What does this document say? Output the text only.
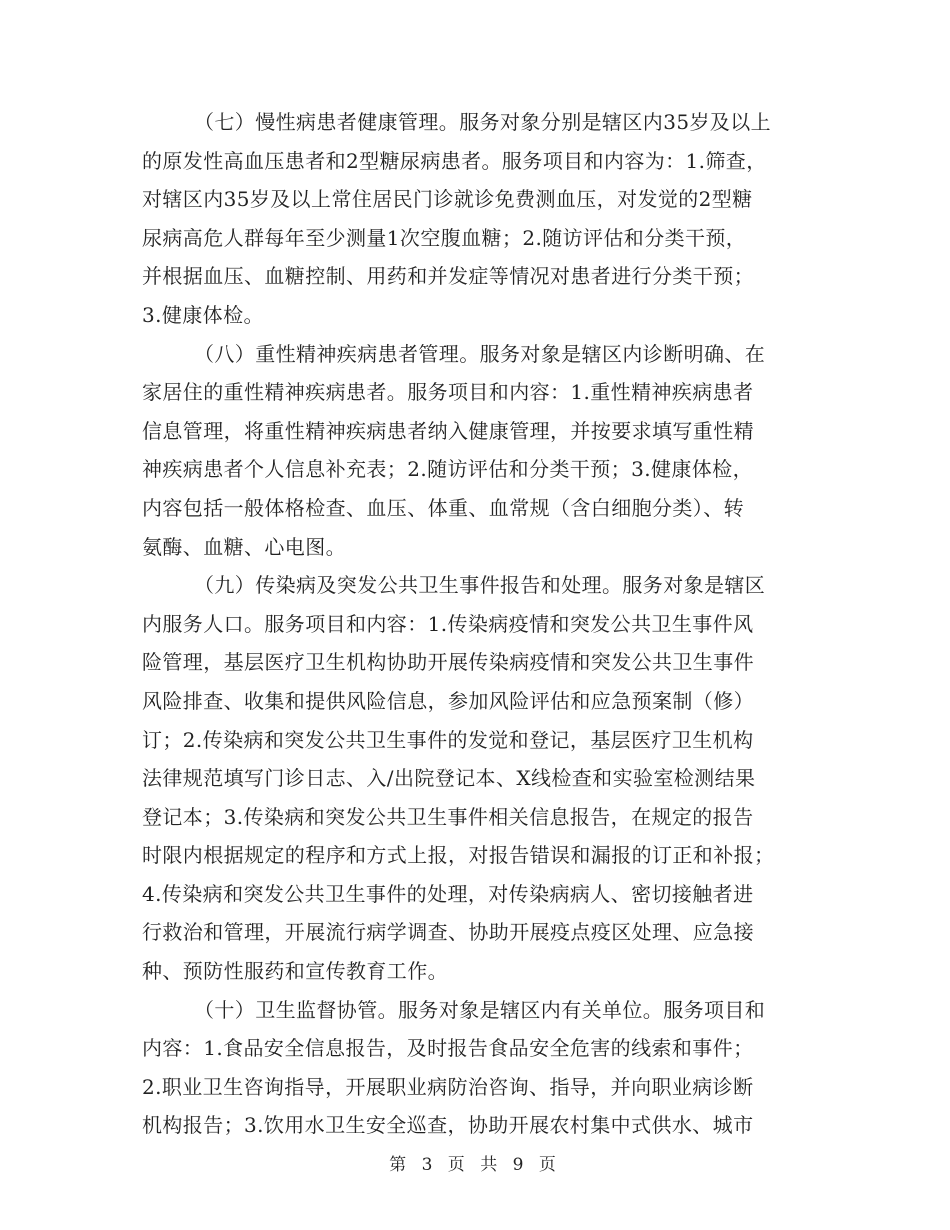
（七）慢性病患者健康管理。服务对象分别是辖区内35岁及以上
的原发性高血压患者和2型糖尿病患者。服务项目和内容为：1.筛查，
对辖区内35岁及以上常住居民门诊就诊免费测血压，对发觉的2型糖
尿病高危人群每年至少测量1次空腹血糖；2.随访评估和分类干预，
并根据血压、血糖控制、用药和并发症等情况对患者进行分类干预；
3.健康体检。
（八）重性精神疾病患者管理。服务对象是辖区内诊断明确、在
家居住的重性精神疾病患者。服务项目和内容：1.重性精神疾病患者
信息管理，将重性精神疾病患者纳入健康管理，并按要求填写重性精
神疾病患者个人信息补充表；2.随访评估和分类干预；3.健康体检，
内容包括一般体格检查、血压、体重、血常规（含白细胞分类）、转
氨酶、血糖、心电图。
（九）传染病及突发公共卫生事件报告和处理。服务对象是辖区
内服务人口。服务项目和内容：1.传染病疫情和突发公共卫生事件风
险管理，基层医疗卫生机构协助开展传染病疫情和突发公共卫生事件
风险排查、收集和提供风险信息，参加风险评估和应急预案制（修）
订；2.传染病和突发公共卫生事件的发觉和登记，基层医疗卫生机构
法律规范填写门诊日志、入/出院登记本、X线检查和实验室检测结果
登记本；3.传染病和突发公共卫生事件相关信息报告，在规定的报告
时限内根据规定的程序和方式上报，对报告错误和漏报的订正和补报；
4.传染病和突发公共卫生事件的处理，对传染病病人、密切接触者进
行救治和管理，开展流行病学调查、协助开展疫点疫区处理、应急接
种、预防性服药和宣传教育工作。
（十）卫生监督协管。服务对象是辖区内有关单位。服务项目和
内容：1.食品安全信息报告，及时报告食品安全危害的线索和事件；
2.职业卫生咨询指导，开展职业病防治咨询、指导，并向职业病诊断
机构报告；3.饮用水卫生安全巡查，协助开展农村集中式供水、城市
第 3 页 共 9 页
